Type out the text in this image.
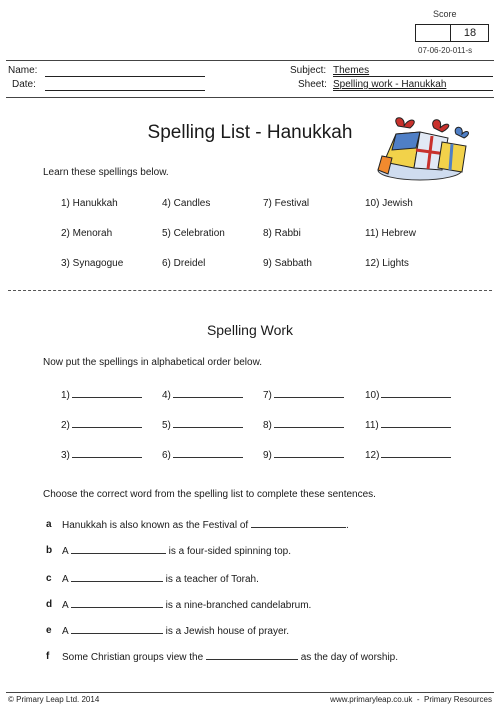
Score
18
07-06-20-011-s
Name:
Date:
Subject: Themes
Sheet: Spelling work - Hanukkah
Spelling List - Hanukkah
Learn these spellings below.
1) Hanukkah	4) Candles	7) Festival	10) Jewish
2) Menorah	5) Celebration	8) Rabbi	11) Hebrew
3) Synagogue	6) Dreidel	9) Sabbath	12) Lights
Spelling Work
Now put the spellings in alphabetical order below.
1)	4)	7)	10)
2)	5)	8)	11)
3)	6)	9)	12)
Choose the correct word from the spelling list to complete these sentences.
a Hanukkah is also known as the Festival of	.
b A	is a four-sided spinning top.
c A	is a teacher of Torah.
d A	is a nine-branched candelabrum.
e A	is a Jewish house of prayer.
f Some Christian groups view the	as the day of worship.
© Primary Leap Ltd. 2014	www.primaryleap.co.uk  -  Primary Resources
